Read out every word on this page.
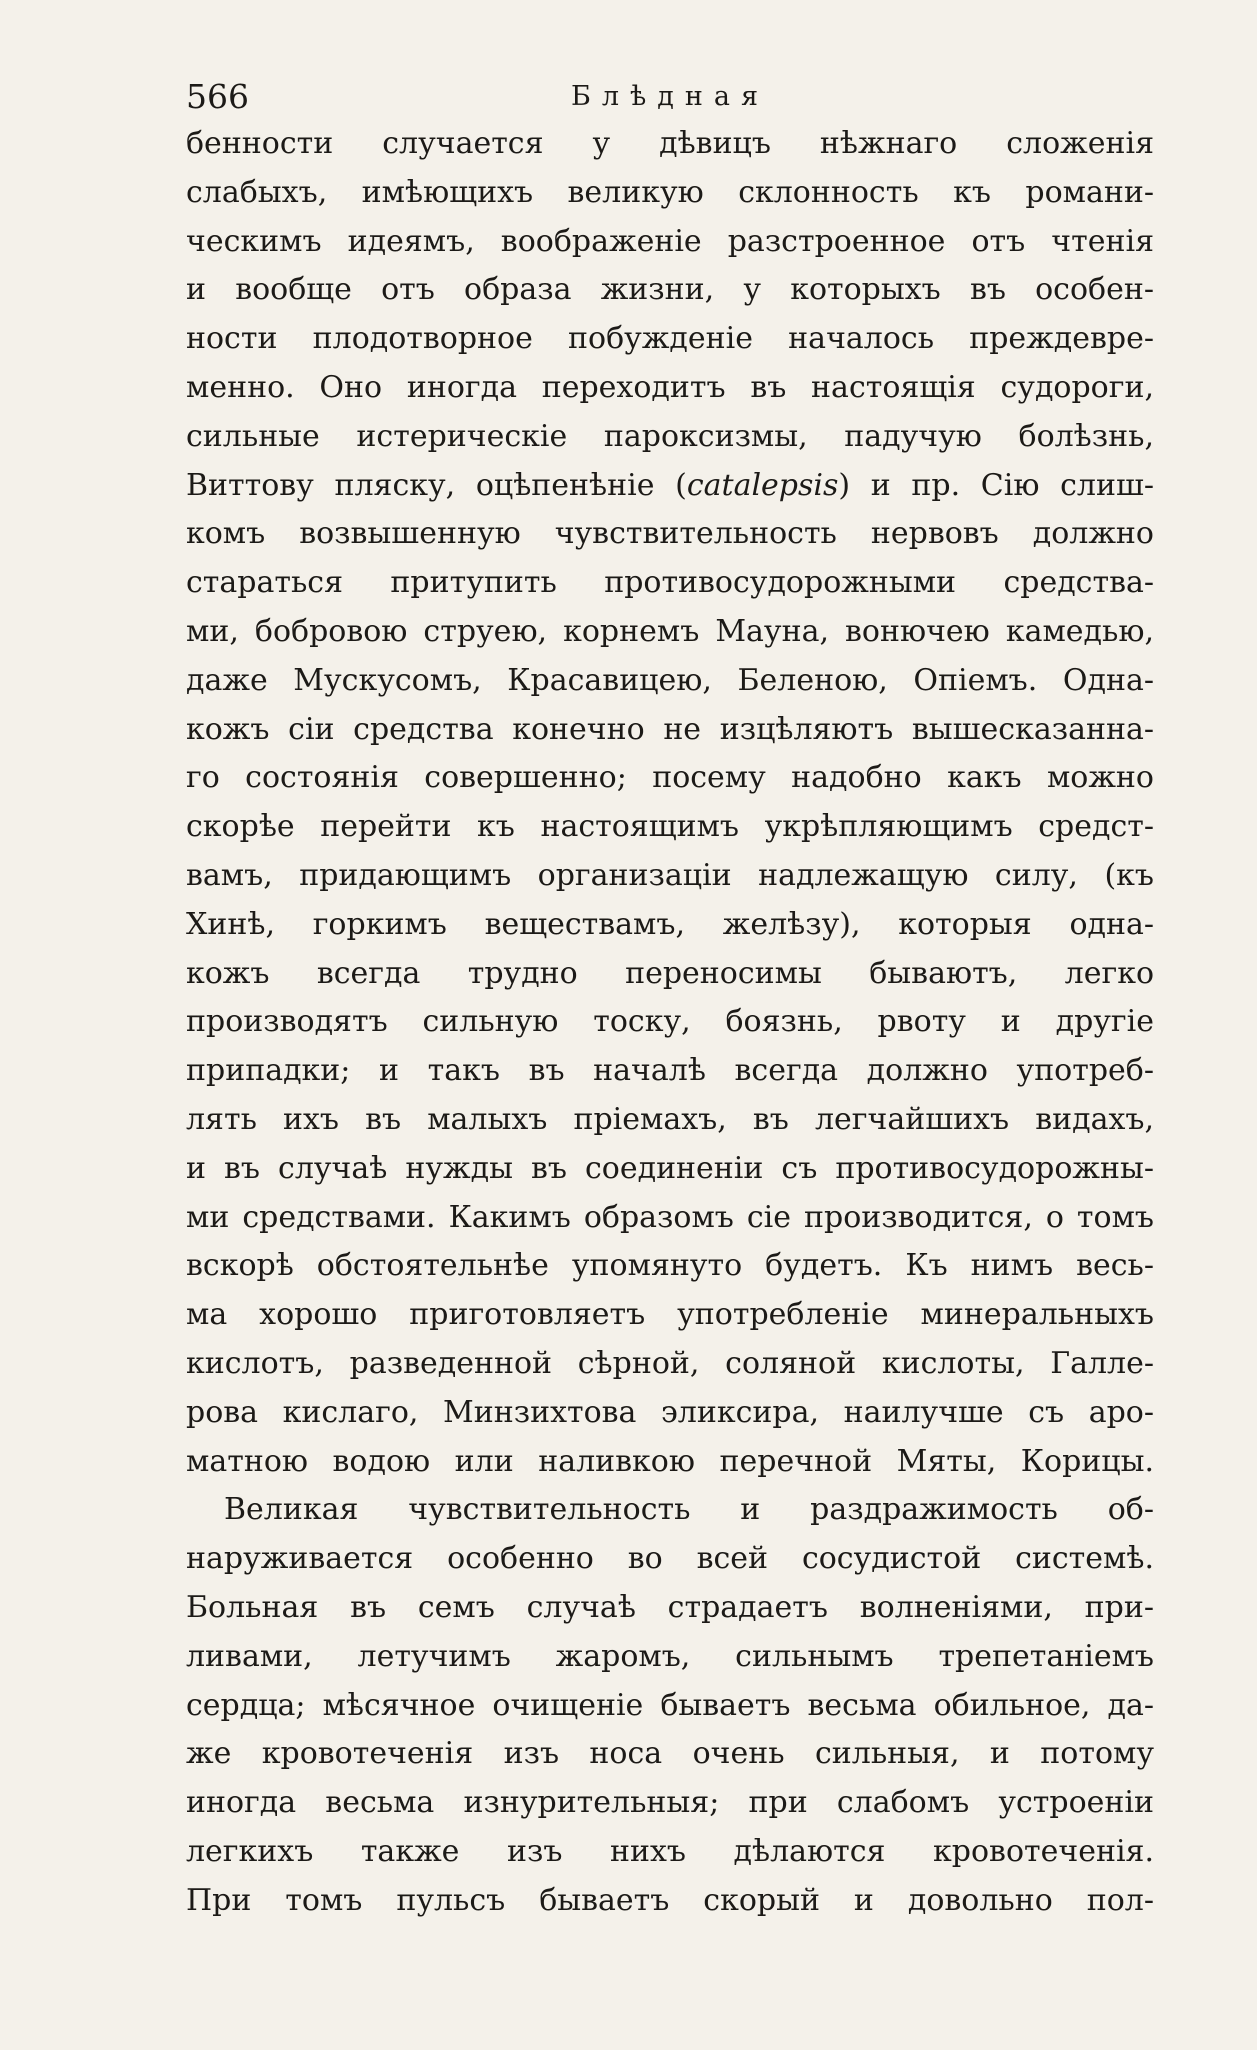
566	Блѣдная
бенности случается у дѣвицъ нѣжнаго сложенія
слабыхъ, имѣющихъ великую склонность къ романи-
ческимъ идеямъ, воображеніе разстроенное отъ чтенія
и вообще отъ образа жизни, у которыхъ въ особен-
ности плодотворное побужденіе началось преждевре-
менно. Оно иногда переходитъ въ настоящія судороги,
сильные истерическіе пароксизмы, падучую болѣзнь,
Виттову пляску, оцѣпенѣніе (catalepsis) и пр. Сію слиш-
комъ возвышенную чувствительность нервовъ должно
стараться притупить противосудорожными средства-
ми, бобровою струею, корнемъ Мауна, вонючею камедью,
даже Мускусомъ, Красавицею, Беленою, Опіемъ. Одна-
кожъ сіи средства конечно не изцѣляютъ вышесказанна-
го состоянія совершенно; посему надобно какъ можно
скорѣе перейти къ настоящимъ укрѣпляющимъ средст-
вамъ, придающимъ организаціи надлежащую силу, (къ
Хинѣ, горкимъ веществамъ, желѣзу), которыя одна-
кожъ всегда трудно переносимы бываютъ, легко
производятъ сильную тоску, боязнь, рвоту и другіе
припадки; и такъ въ началѣ всегда должно употреб-
лять ихъ въ малыхъ пріемахъ, въ легчайшихъ видахъ,
и въ случаѣ нужды въ соединеніи съ противосудорожны-
ми средствами. Какимъ образомъ сіе производится, о томъ
вскорѣ обстоятельнѣе упомянуто будетъ. Къ нимъ весь-
ма хорошо приготовляетъ употребленіе минеральныхъ
кислотъ, разведенной сѣрной, соляной кислоты, Галле-
рова кислаго, Минзихтова эликсира, наилучше съ аро-
матною водою или наливкою перечной Мяты, Корицы.
Великая чувствительность и раздражимость об-
наруживается особенно во всей сосудистой системѣ.
Больная въ семъ случаѣ страдаетъ волненіями, при-
ливами, летучимъ жаромъ, сильнымъ трепетаніемъ
сердца; мѣсячное очищеніе бываетъ весьма обильное, да-
же кровотеченія изъ носа очень сильныя, и потому
иногда весьма изнурительныя; при слабомъ устроеніи
легкихъ также изъ нихъ дѣлаются кровотеченія.
При томъ пульсъ бываетъ скорый и довольно пол-
